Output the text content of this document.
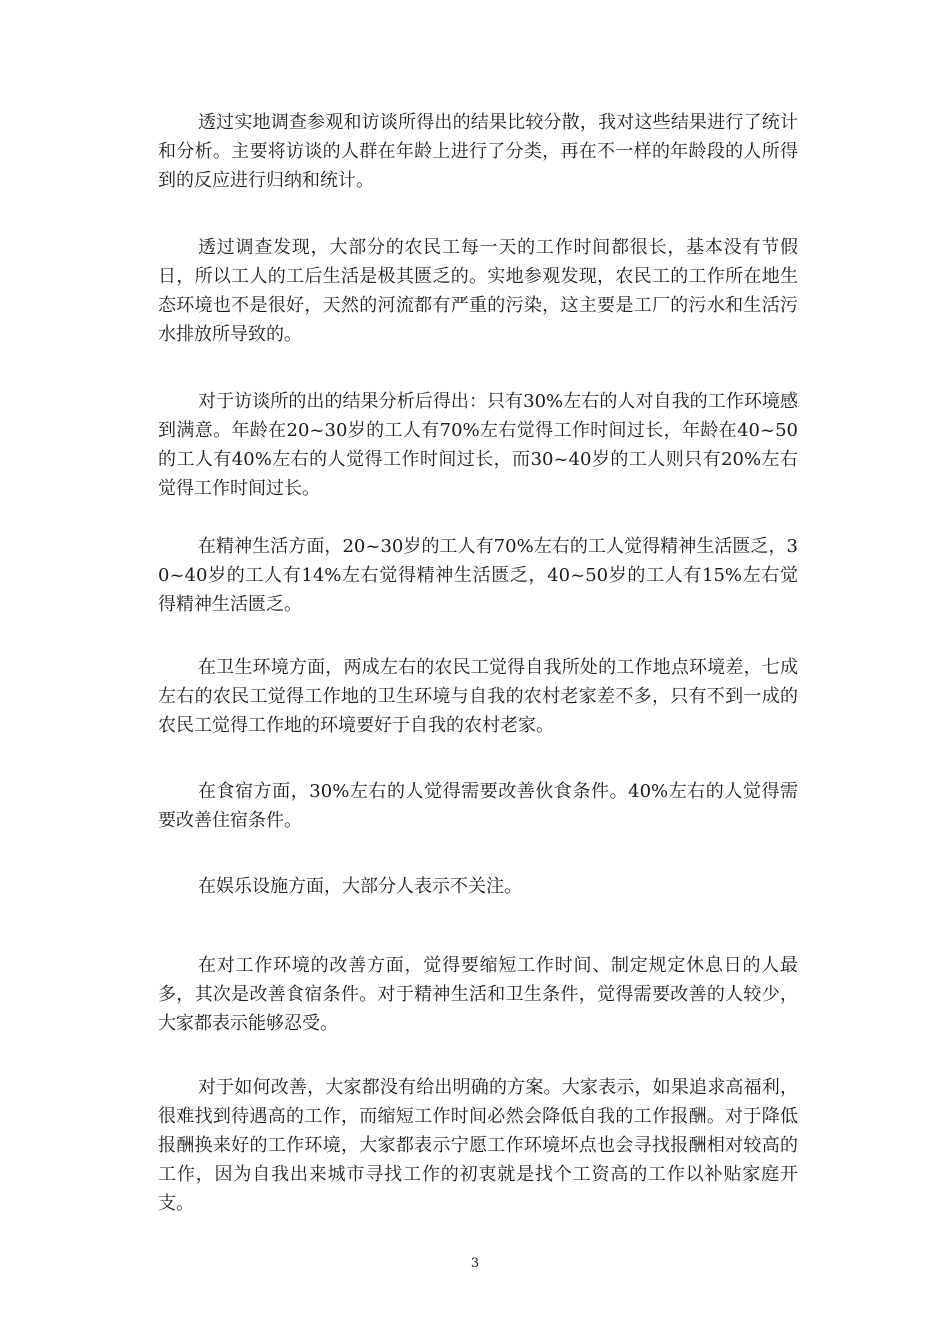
透过实地调查参观和访谈所得出的结果比较分散，我对这些结果进行了统计和分析。主要将访谈的人群在年龄上进行了分类，再在不一样的年龄段的人所得到的反应进行归纳和统计。

透过调查发现，大部分的农民工每一天的工作时间都很长，基本没有节假日，所以工人的工后生活是极其匮乏的。实地参观发现，农民工的工作所在地生态环境也不是很好，天然的河流都有严重的污染，这主要是工厂的污水和生活污水排放所导致的。

对于访谈所的出的结果分析后得出：只有30%左右的人对自我的工作环境感到满意。年龄在20~30岁的工人有70%左右觉得工作时间过长，年龄在40~50的工人有40%左右的人觉得工作时间过长，而30~40岁的工人则只有20%左右觉得工作时间过长。

在精神生活方面，20~30岁的工人有70%左右的工人觉得精神生活匮乏，30~40岁的工人有14%左右觉得精神生活匮乏，40~50岁的工人有15%左右觉得精神生活匮乏。

在卫生环境方面，两成左右的农民工觉得自我所处的工作地点环境差，七成左右的农民工觉得工作地的卫生环境与自我的农村老家差不多，只有不到一成的农民工觉得工作地的环境要好于自我的农村老家。

在食宿方面，30%左右的人觉得需要改善伙食条件。40%左右的人觉得需要改善住宿条件。

在娱乐设施方面，大部分人表示不关注。

在对工作环境的改善方面，觉得要缩短工作时间、制定规定休息日的人最多，其次是改善食宿条件。对于精神生活和卫生条件，觉得需要改善的人较少，大家都表示能够忍受。

对于如何改善，大家都没有给出明确的方案。大家表示，如果追求高福利，很难找到待遇高的工作，而缩短工作时间必然会降低自我的工作报酬。对于降低报酬换来好的工作环境，大家都表示宁愿工作环境坏点也会寻找报酬相对较高的工作，因为自我出来城市寻找工作的初衷就是找个工资高的工作以补贴家庭开支。

3
